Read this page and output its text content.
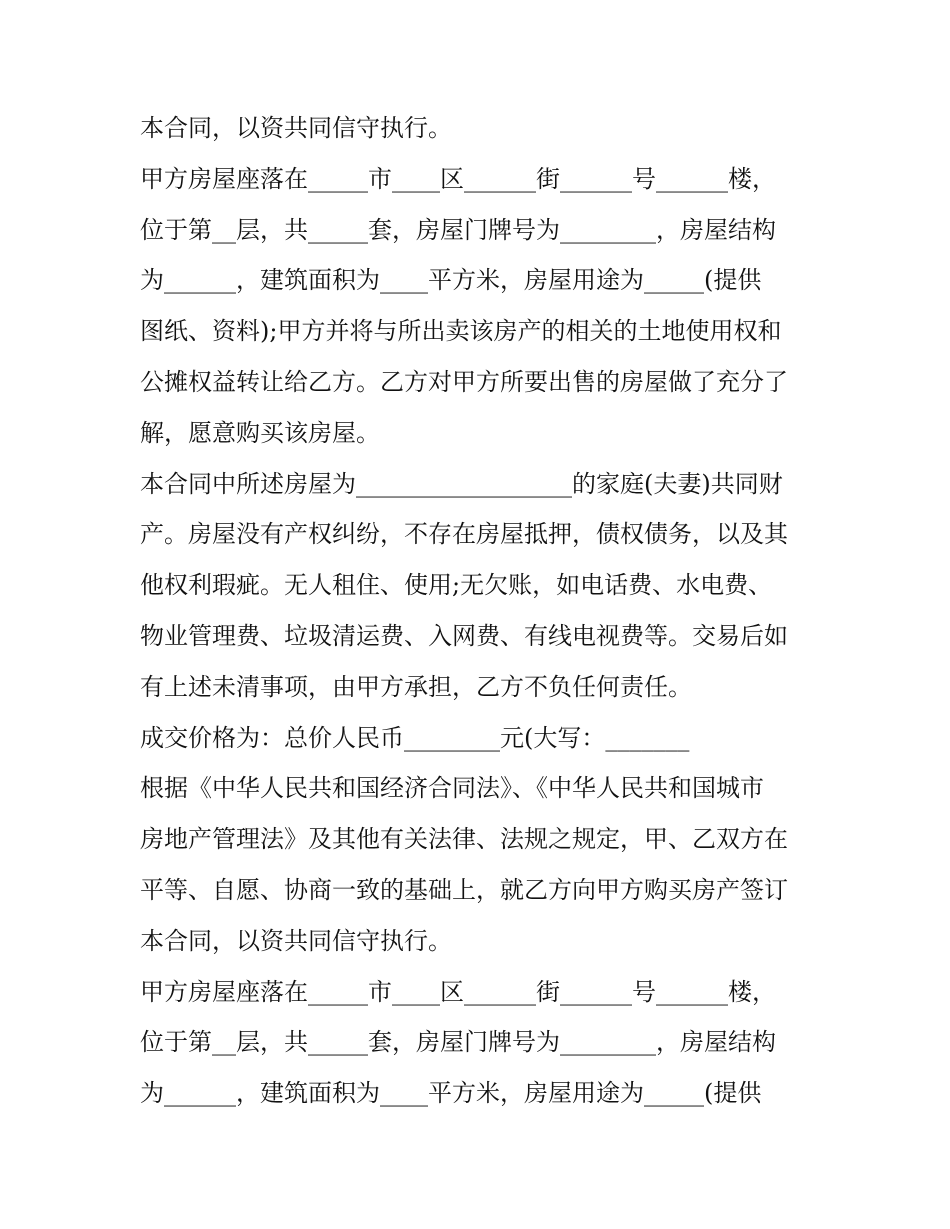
本合同，以资共同信守执行。
甲方房屋座落在_____市____区______街______号______楼，
位于第__层，共_____套，房屋门牌号为________，房屋结构
为______，建筑面积为____平方米，房屋用途为_____(提供
图纸、资料);甲方并将与所出卖该房产的相关的土地使用权和
公摊权益转让给乙方。乙方对甲方所要出售的房屋做了充分了
解，愿意购买该房屋。
本合同中所述房屋为__________________的家庭(夫妻)共同财
产。房屋没有产权纠纷，不存在房屋抵押，债权债务，以及其
他权利瑕疵。无人租住、使用;无欠账，如电话费、水电费、
物业管理费、垃圾清运费、入网费、有线电视费等。交易后如
有上述未清事项，由甲方承担，乙方不负任何责任。
成交价格为：总价人民币________元(大写：_______
根据《中华人民共和国经济合同法》、《中华人民共和国城市
房地产管理法》及其他有关法律、法规之规定，甲、乙双方在
平等、自愿、协商一致的基础上，就乙方向甲方购买房产签订
本合同，以资共同信守执行。
甲方房屋座落在_____市____区______街______号______楼，
位于第__层，共_____套，房屋门牌号为________，房屋结构
为______，建筑面积为____平方米，房屋用途为_____(提供
